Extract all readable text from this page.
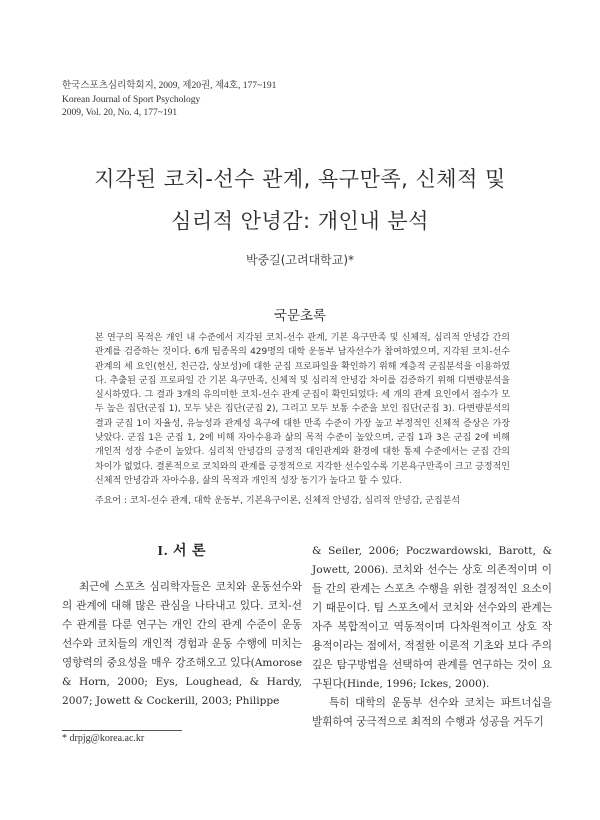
한국스포츠심리학회지, 2009, 제20권, 제4호, 177~191
Korean Journal of Sport Psychology
2009, Vol. 20, No. 4, 177~191
지각된 코치-선수 관계, 욕구만족, 신체적 및
심리적 안녕감: 개인내 분석
박중길(고려대학교)*
국문초록

본 연구의 목적은 개인 내 수준에서 지각된 코치-선수 관계, 기본 욕구만족 및 신체적, 심리적 안녕감 간의 관계를 검증하는 것이다. 6개 팀종목의 429명의 대학 운동부 남자선수가 참여하였으며, 지각된 코치-선수 관계의 세 요인(헌신, 친근감, 상보성)에 대한 군집 프로파일을 확인하기 위해 계층적 군집분석을 이용하였다. 추출된 군집 프로파일 간 기본 욕구만족, 신체적 및 심리적 안녕감 차이를 검증하기 위해 디변량분석을 실시하였다. 그 결과 3개의 유의미한 코치-선수 관계 군집이 확인되었다: 세 개의 관계 요인에서 점수가 모두 높은 집단(군집 1), 모두 낮은 집단(군집 2), 그리고 모두 보통 수준을 보인 집단(군집 3). 다변량분석의 결과 군집 1이 자율성, 유능성과 관계성 욕구에 대한 만족 수준이 가장 높고 부정적인 신체적 증상은 가장 낮았다. 군집 1은 군집 1, 2에 비해 자아수용과 삶의 목적 수준이 높았으며, 군집 1과 3은 군집 2에 비해 개인적 성장 수준이 높았다. 심리적 안녕감의 긍정적 대인관계와 환경에 대한 통제 수준에서는 군집 간의 차이가 없었다. 결론적으로 코치와의 관계를 긍정적으로 지각한 선수일수록 기본욕구만족이 크고 긍정적인 신체적 안녕감과 자아수용, 삶의 목적과 개인적 성장 동기가 높다고 할 수 있다.

주요어 : 코치-선수 관계, 대학 운동부, 기본욕구이론, 신체적 안녕감, 심리적 안녕감, 군집분석
I. 서 론

최근에 스포츠 심리학자들은 코치와 운동선수와의 관계에 대해 많은 관심을 나타내고 있다. 코치-선수 관계를 다룬 연구는 개인 간의 관계 수준이 운동선수와 코치들의 개인적 경험과 운동 수행에 미치는 영향력의 중요성을 매우 강조해오고 있다(Amorose & Horn, 2000; Eys, Loughead, & Hardy, 2007; Jowett & Cockerill, 2003; Philippe

& Seiler, 2006; Poczwardowski, Barott, & Jowett, 2006). 코치와 선수는 상호 의존적이며 이들 간의 관계는 스포츠 수행을 위한 결정적인 요소이기 때문이다. 팀 스포츠에서 코치와 선수와의 관계는 자주 복합적이고 역동적이며 다차원적이고 상호 작용적이라는 점에서, 적절한 이론적 기초와 보다 주의깊은 탐구방법을 선택하여 관계를 연구하는 것이 요구된다(Hinde, 1996; Ickes, 2000).

특히 대학의 운동부 선수와 코치는 파트너십을 발휘하여 궁극적으로 최적의 수행과 성공을 거두기

* drpjg@korea.ac.kr
